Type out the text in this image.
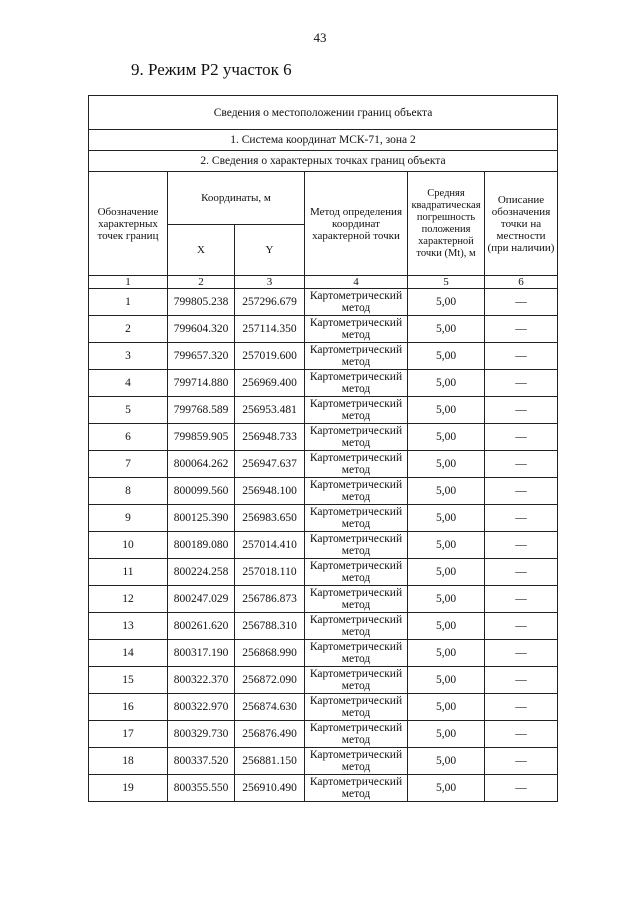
43
9. Режим Р2 участок 6
Сведения о местоположении границ объекта					
1. Система координат МСК-71, зона 2					
2. Сведения о характерных точках границ объекта					
Обозначение характерных точек границ	Координаты, м		Метод определения координат характерной точки	Средняя квадратическая погрешность положения характерной точки (Mt), м	Описание обозначения точки на местности (при наличии)
	X	Y			
1	2	3	4	5	6
1	799805.238	257296.679	Картометрический метод	5,00	—
2	799604.320	257114.350	Картометрический метод	5,00	—
3	799657.320	257019.600	Картометрический метод	5,00	—
4	799714.880	256969.400	Картометрический метод	5,00	—
5	799768.589	256953.481	Картометрический метод	5,00	—
6	799859.905	256948.733	Картометрический метод	5,00	—
7	800064.262	256947.637	Картометрический метод	5,00	—
8	800099.560	256948.100	Картометрический метод	5,00	—
9	800125.390	256983.650	Картометрический метод	5,00	—
10	800189.080	257014.410	Картометрический метод	5,00	—
11	800224.258	257018.110	Картометрический метод	5,00	—
12	800247.029	256786.873	Картометрический метод	5,00	—
13	800261.620	256788.310	Картометрический метод	5,00	—
14	800317.190	256868.990	Картометрический метод	5,00	—
15	800322.370	256872.090	Картометрический метод	5,00	—
16	800322.970	256874.630	Картометрический метод	5,00	—
17	800329.730	256876.490	Картометрический метод	5,00	—
18	800337.520	256881.150	Картометрический метод	5,00	—
19	800355.550	256910.490	Картометрический метод	5,00	—
